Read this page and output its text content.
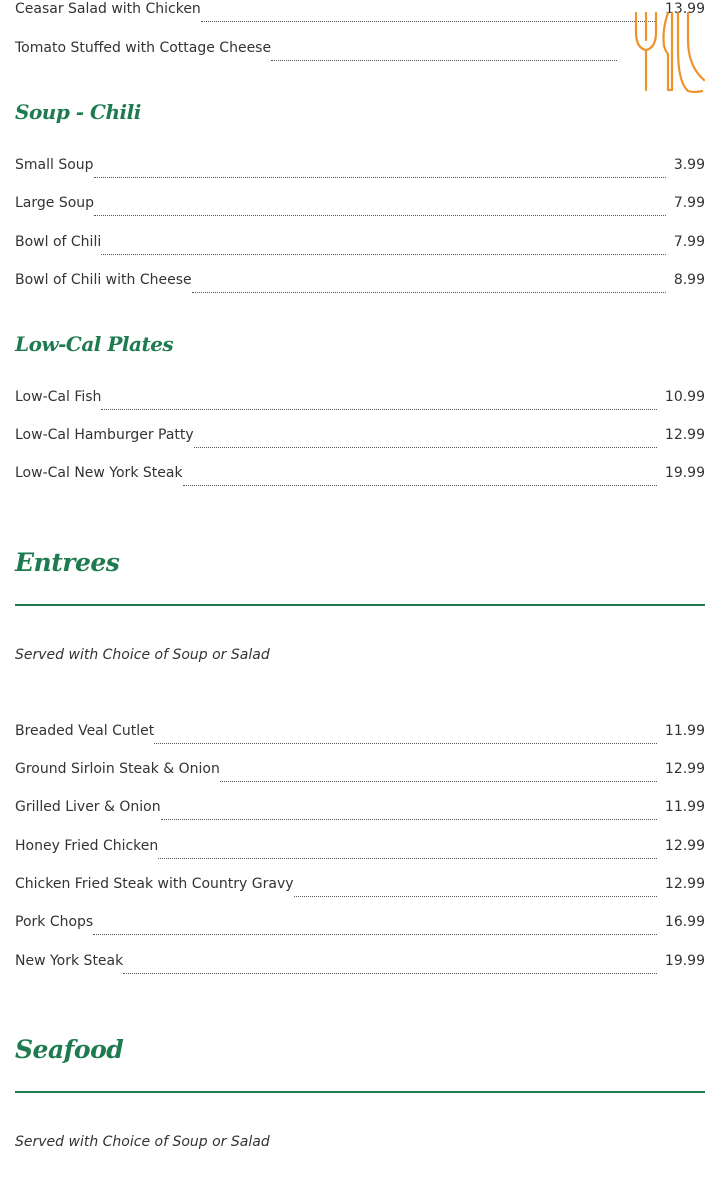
Ceasar Salad with Chicken	13.99
Tomato Stuffed with Cottage Cheese
Soup - Chili
Small Soup	3.99
Large Soup	7.99
Bowl of Chili	7.99
Bowl of Chili with Cheese	8.99
Low-Cal Plates
Low-Cal Fish	10.99
Low-Cal Hamburger Patty	12.99
Low-Cal New York Steak	19.99
Entrees
Served with Choice of Soup or Salad
Breaded Veal Cutlet	11.99
Ground Sirloin Steak & Onion	12.99
Grilled Liver & Onion	11.99
Honey Fried Chicken	12.99
Chicken Fried Steak with Country Gravy	12.99
Pork Chops	16.99
New York Steak	19.99
Seafood
Served with Choice of Soup or Salad
